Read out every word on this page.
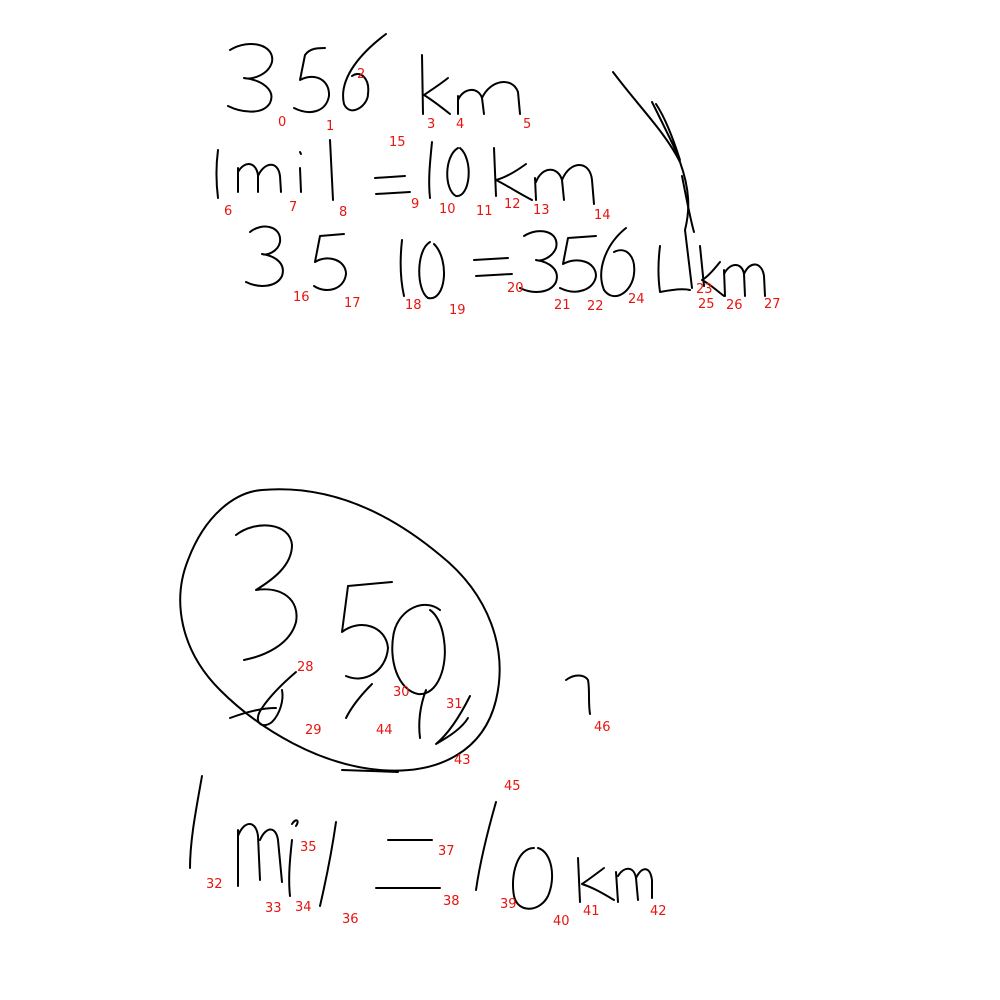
0	1
2
3 4	5
6	7	8
9 10 11 12 13	14
15
16	17	18 19
20
21 22
23
24	25 26 27
28
29
30
31
32
33 34
35
36
37
38	39
40
41	42
43
44
45
46
